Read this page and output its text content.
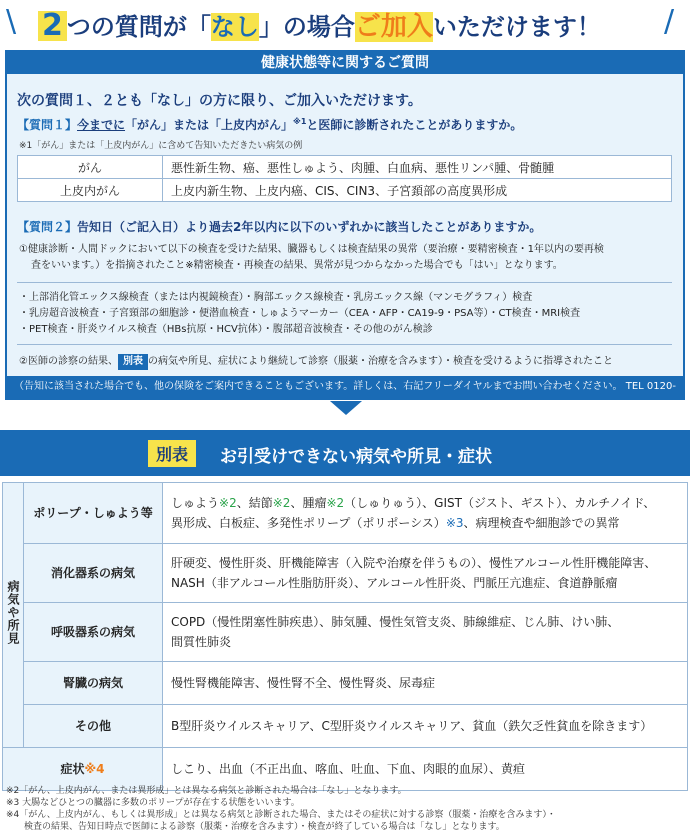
\ 2 つの質問が「なし」の場合ご加入いただけます！ /
健康状態等に関するご質問
次の質問１、２とも「なし」の方に限り、ご加入いただけます。
【質問１】今までに「がん」または「上皮内がん」$^{※1}$と医師に診断されたことがありますか。
※1「がん」または「上皮内がん」に含めて告知いただきたい病気の例
がん	悪性新生物、癌、悪性しゅよう、肉腫、白血病、悪性リンパ腫、骨髄腫
上皮内がん	上皮内新生物、上皮内癌、CIS、CIN3、子宮頚部の高度異形成
【質問２】告知日（ご記入日）より過去2年以内に以下のいずれかに該当したことがありますか。
①健康診断・人間ドックにおいて以下の検査を受けた結果、臓器もしくは検査結果の異常（要治療・要精密検査・1年以内の要再検
査をいいます。）を指摘されたこと※精密検査・再検査の結果、異常が見つからなかった場合でも「はい」となります。
・上部消化管エックス線検査（または内視鏡検査）・胸部エックス線検査・乳房エックス線（マンモグラフィ）検査
・乳房超音波検査・子宮頸部の細胞診・便潜血検査・しゅようマーカー（CEA・AFP・CA19-9・PSA等）・CT検査・MRI検査
・PET検査・肝炎ウイルス検査（HBs抗原・HCV抗体）・腹部超音波検査・その他のがん検診
②医師の診察の結果、 別表 の病気や所見、症状により継続して診察（服薬・治療を含みます）・検査を受けるように指導されたこと
（告知に該当された場合でも、他の保険をご案内できることもございます。詳しくは、右記フリーダイヤルまでお問い合わせください。 TEL 0120-201-342）
別表	お引受けできない病気や所見・症状
病気や所見	ポリープ・しゅよう等	しゅよう※2、結節※2、腫瘤※2（しゅりゅう）、GIST（ジスト、ギスト）、カルチノイド、
異形成、白板症、多発性ポリープ（ポリポーシス）※3、病理検査や細胞診での異常

	消化器系の病気	肝硬変、慢性肝炎、肝機能障害（入院や治療を伴うもの）、慢性アルコール性肝機能障害、
NASH（非アルコール性脂肪肝炎）、アルコール性肝炎、門脈圧亢進症、食道静脈瘤

	呼吸器系の病気	COPD（慢性閉塞性肺疾患）、肺気腫、慢性気管支炎、肺線維症、じん肺、けい肺、
間質性肺炎

	腎臓の病気	慢性腎機能障害、慢性腎不全、慢性腎炎、尿毒症
	その他	B型肝炎ウイルスキャリア、C型肝炎ウイルスキャリア、貧血（鉄欠乏性貧血を除きます）
症状※4		しこり、出血（不正出血、喀血、吐血、下血、肉眼的血尿）、黄疸
※2「がん、上皮内がん、または異形成」とは異なる病気と診断された場合は「なし」となります。
※3 大腸などひとつの臓器に多数のポリープが存在する状態をいいます。
※4「がん、上皮内がん、もしくは異形成」とは異なる病気と診断された場合、またはその症状に対する診察（服薬・治療を含みます）・
　　検査の結果、告知日時点で医師による診察（服薬・治療を含みます）・検査が終了している場合は「なし」となります。
